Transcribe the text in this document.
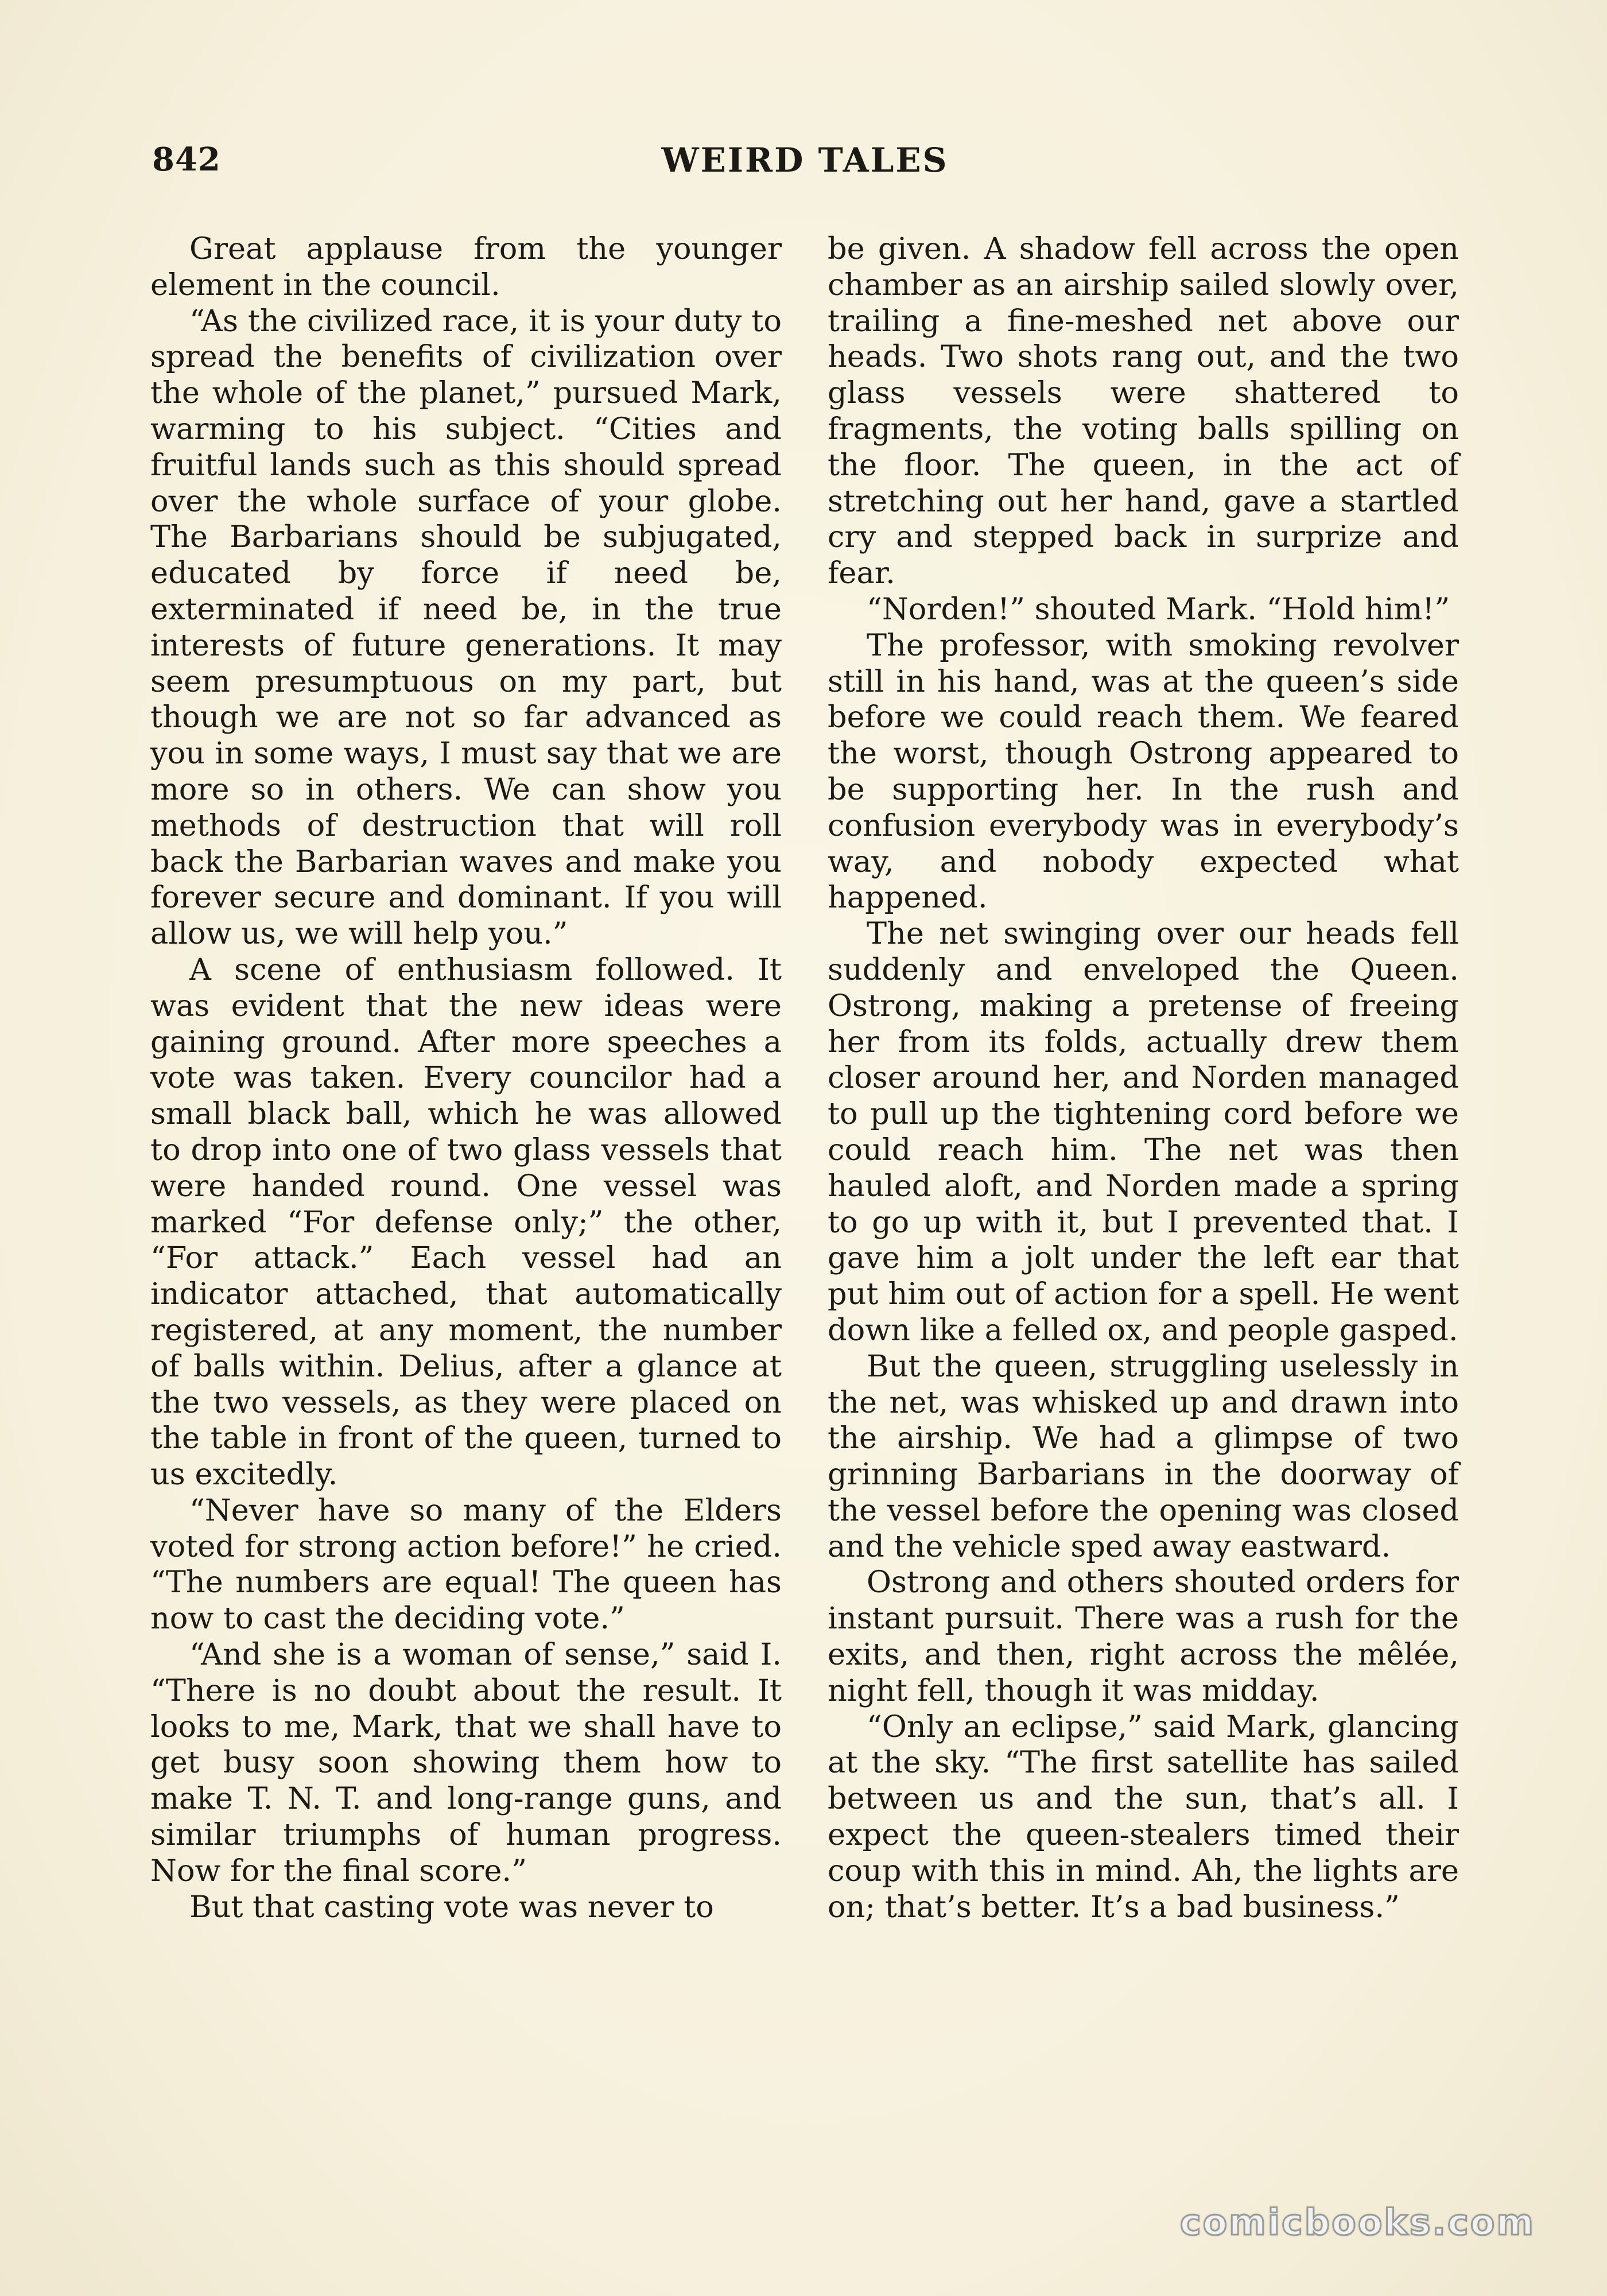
842	WEIRD TALES

Great applause from the younger element in the council.

“As the civilized race, it is your duty to spread the benefits of civilization over the whole of the planet,” pursued Mark, warming to his subject. “Cities and fruitful lands such as this should spread over the whole surface of your globe. The Barbarians should be subjugated, educated by force if need be, exterminated if need be, in the true interests of future generations. It may seem presumptuous on my part, but though we are not so far advanced as you in some ways, I must say that we are more so in others. We can show you methods of destruction that will roll back the Barbarian waves and make you forever secure and dominant. If you will allow us, we will help you.”

A scene of enthusiasm followed. It was evident that the new ideas were gaining ground. After more speeches a vote was taken. Every councilor had a small black ball, which he was allowed to drop into one of two glass vessels that were handed round. One vessel was marked “For defense only;” the other, “For attack.” Each vessel had an indicator attached, that automatically registered, at any moment, the number of balls within. Delius, after a glance at the two vessels, as they were placed on the table in front of the queen, turned to us excitedly.

“Never have so many of the Elders voted for strong action before!” he cried. “The numbers are equal! The queen has now to cast the deciding vote.”

“And she is a woman of sense,” said I. “There is no doubt about the result. It looks to me, Mark, that we shall have to get busy soon showing them how to make T. N. T. and long-range guns, and similar triumphs of human progress. Now for the final score.”

But that casting vote was never to

be given. A shadow fell across the open chamber as an airship sailed slowly over, trailing a fine-meshed net above our heads. Two shots rang out, and the two glass vessels were shattered to fragments, the voting balls spilling on the floor. The queen, in the act of stretching out her hand, gave a startled cry and stepped back in surprize and fear.

“Norden!” shouted Mark. “Hold him!”

The professor, with smoking revolver still in his hand, was at the queen’s side before we could reach them. We feared the worst, though Ostrong appeared to be supporting her. In the rush and confusion everybody was in everybody’s way, and nobody expected what happened.

The net swinging over our heads fell suddenly and enveloped the Queen. Ostrong, making a pretense of freeing her from its folds, actually drew them closer around her, and Norden managed to pull up the tightening cord before we could reach him. The net was then hauled aloft, and Norden made a spring to go up with it, but I prevented that. I gave him a jolt under the left ear that put him out of action for a spell. He went down like a felled ox, and people gasped.

But the queen, struggling uselessly in the net, was whisked up and drawn into the airship. We had a glimpse of two grinning Barbarians in the doorway of the vessel before the opening was closed and the vehicle sped away eastward.

Ostrong and others shouted orders for instant pursuit. There was a rush for the exits, and then, right across the mêlée, night fell, though it was midday.

“Only an eclipse,” said Mark, glancing at the sky. “The first satellite has sailed between us and the sun, that’s all. I expect the queen-stealers timed their coup with this in mind. Ah, the lights are on; that’s better. It’s a bad business.”

comicbooks.com
